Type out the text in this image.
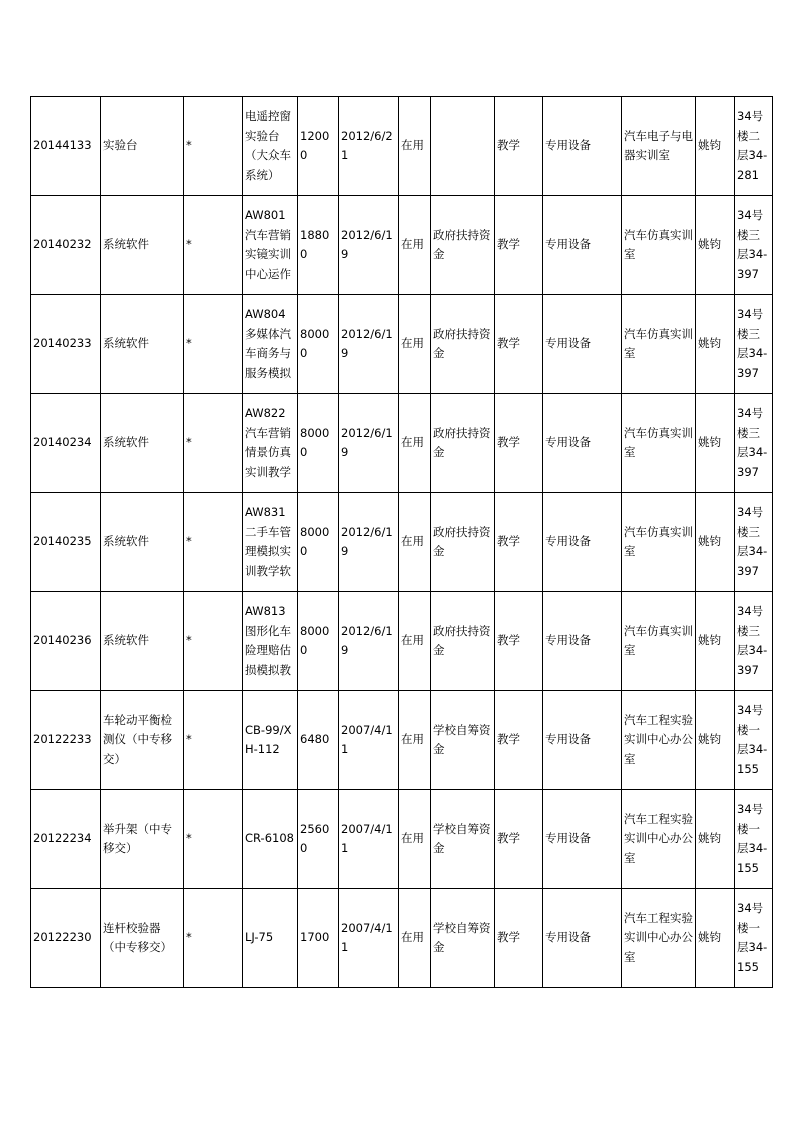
20144133	实验台	*	电遥控窗实验台（大众车系统）	12000	2012/6/21	在用		教学	专用设备	汽车电子与电器实训室	姚钧	34号楼二层34-281
20140232	系统软件	*	AW801汽车营销实镜实训中心运作	18800	2012/6/19	在用	政府扶持资金	教学	专用设备	汽车仿真实训室	姚钧	34号楼三层34-397
20140233	系统软件	*	AW804多媒体汽车商务与服务模拟	80000	2012/6/19	在用	政府扶持资金	教学	专用设备	汽车仿真实训室	姚钧	34号楼三层34-397
20140234	系统软件	*	AW822汽车营销情景仿真实训教学	80000	2012/6/19	在用	政府扶持资金	教学	专用设备	汽车仿真实训室	姚钧	34号楼三层34-397
20140235	系统软件	*	AW831二手车管理模拟实训教学软	80000	2012/6/19	在用	政府扶持资金	教学	专用设备	汽车仿真实训室	姚钧	34号楼三层34-397
20140236	系统软件	*	AW813图形化车险理赔估损模拟教	80000	2012/6/19	在用	政府扶持资金	教学	专用设备	汽车仿真实训室	姚钧	34号楼三层34-397
20122233	车轮动平衡检测仪（中专移交）	*	CB-99/XH-112	6480	2007/4/11	在用	学校自筹资金	教学	专用设备	汽车工程实验实训中心办公室	姚钧	34号楼一层34-155
20122234	举升架（中专移交）	*	CR-6108	25600	2007/4/11	在用	学校自筹资金	教学	专用设备	汽车工程实验实训中心办公室	姚钧	34号楼一层34-155
20122230	连杆校验器（中专移交）	*	LJ-75	1700	2007/4/11	在用	学校自筹资金	教学	专用设备	汽车工程实验实训中心办公室	姚钧	34号楼一层34-155
